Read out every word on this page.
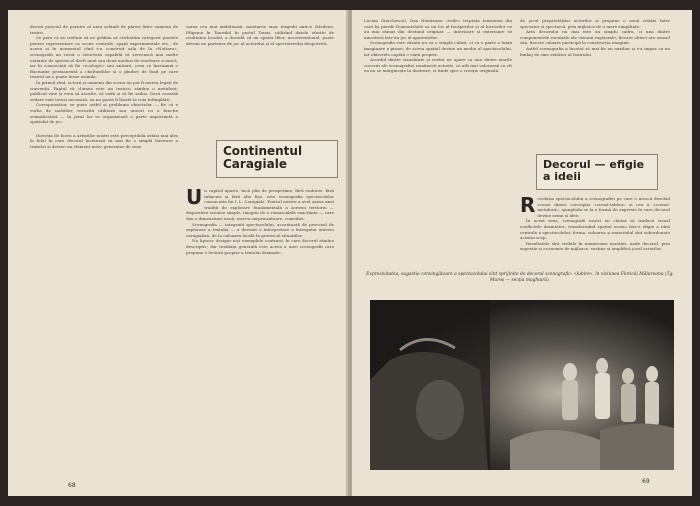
decisă punctul de pornire al unui schimb de păreri între oamenii de teatru.

Se pare că nu trebuie să ne grăbim să etichetăm categoric pionele pentru reprezentare ca scene centrale, spații experimentale etc.; de aceea și în momentul cînd s-a construit sala de la «Nottara», scenografii au cerut o structură capabilă să servească mai multe variante de spectacol decît unul sau două moduri de rezolvare scenică, iar în consecință să fie «ecologic» sau unitară, ceea ce înseamnă o fluctuație permanentă a cheltuielilor și o gîndire de fond pe care teatrul nu o poate lesne asimila.

În primul rînd, actorii și oamenii din scena nu pot fi mereu legați de convenții. Faptul că «lumea este un teatru» rămîne o metaforă; publicul vine și vrea să asculte, să vadă și să fie sedus. Dacă această sedare este totuși necesară, ea nu poate fi lăsată la voia întîmplării.

Corespunzător, se pune astfel și problema obiectelor — fie că e vorba de mobilier, recuzită utilitară sau uneori cu o funcție semnificativă — în jurul lor se organizează o parte importantă a spațiului de joc.

Direcția de lucru a artiștilor noștri este perceptibilă astăzi mai ales în felul în care decorul încetează să mai fie o simplă ilustrare a textului și devine un element activ, generator de sens.

carea cea mai ambițioasă, montarea unor tragedii antice (Medeea, Efigenia în Taurida) în portul Tomis, utilizînd datele oferite de realitatea locului, a dovedit că un spațiu liber, neconvențional, poate deveni un partener de joc al actorului și al spectatorului deopotrivă.

Continentul Caragiale

Un capitol aparte, încă plin de prospețime, fără endoree, fără tabacuri și fără alte fișe, este scenografia spectacolelor consacrate lui I. L. Caragiale. Teatrul nostru a avut șansa unei tradiții de explorare fundamentală a acestui teritoriu — dispozitive scenice simple, imagini de o remarcabilă exactitate — care dau o dimensiune nouă, mereu surprinzătoare, comediei.

Scenografia — integrată spectacolului, accentuată de procesul de explorare a textului — a devenit o interpretare a întregului univers caragialian, de la culoarea locală la grotescul situațiilor.

Nu lipsesc desigur nici exemplele contrarii, în care decorul rămîne descriptiv; dar tendința generală este aceea a unei scenografii care propune o lectură proprie a textului dramatic.

68

Lucian Giurchescu), Dan Nemțeanu «vede» treptata tensiunea din care își pierde Domenichele ca un loc al încăperilor și al lucrurilor ce au mai rămas din destinul originar — interioare și exterioare se amestecă într-un joc al aparențelor.

Scenografia este văzută nu ca o simplă culisă, ci ca o parte a lumii imaginare a piesei; de aceea spațiul devine un mediu al spectacolului, iar obiectele capătă o viață proprie.

Acordul dintre vizualitate și cuvînt ne apare ca una dintre marile cuceriri ale scenografiei românești actuale, cu atît mai valoroasă cu cît ea nu se mărginește la ilustrare, ci tinde spre o creație originală.

de jocul proprietăților actorilor și propune o nouă relație între spectator și spectacol, prin mijloace de o mare simplitate.

Arta decorului nu mai este un simplu cadru, ci una dintre componentele esențiale ale viziunii regizorale; fiecare obiect are sensul său, fiecare culoare participă la construcția imaginii.

Astfel scenografia a încetat să mai fie un auxiliar și s-a impus ca un limbaj de sine stătător al teatrului.

Decorul — efigie a ideii

Revoluția spectacolului a scenografiei pe care o invocă deschid scenei dintre concepția «scenă-tablou» și cea a «scenei-metaforă», ajungîndu-se la o formă de expresie în care decorul devine semn și idee.

În acest sens, scenografii noștri au căutat să traducă vizual conflictele dramatice, transformînd spațiul scenic într-o efigie a ideii centrale a spectacolului; forma, culoarea și materialul sînt subordonate acestui scop.

Rezultatele sînt vizibile în numeroase montări, unde decorul, prin sugestie și economie de mijloace, susține și amplifică jocul actorilor.

Expresivitatea, sugestia convingătoare a spectacolului sînt sprijinite de decorul scenografic: «Iubire», în viziunea Floricăi Mălureanu (Tg. Mureș — secția maghiară).
69
